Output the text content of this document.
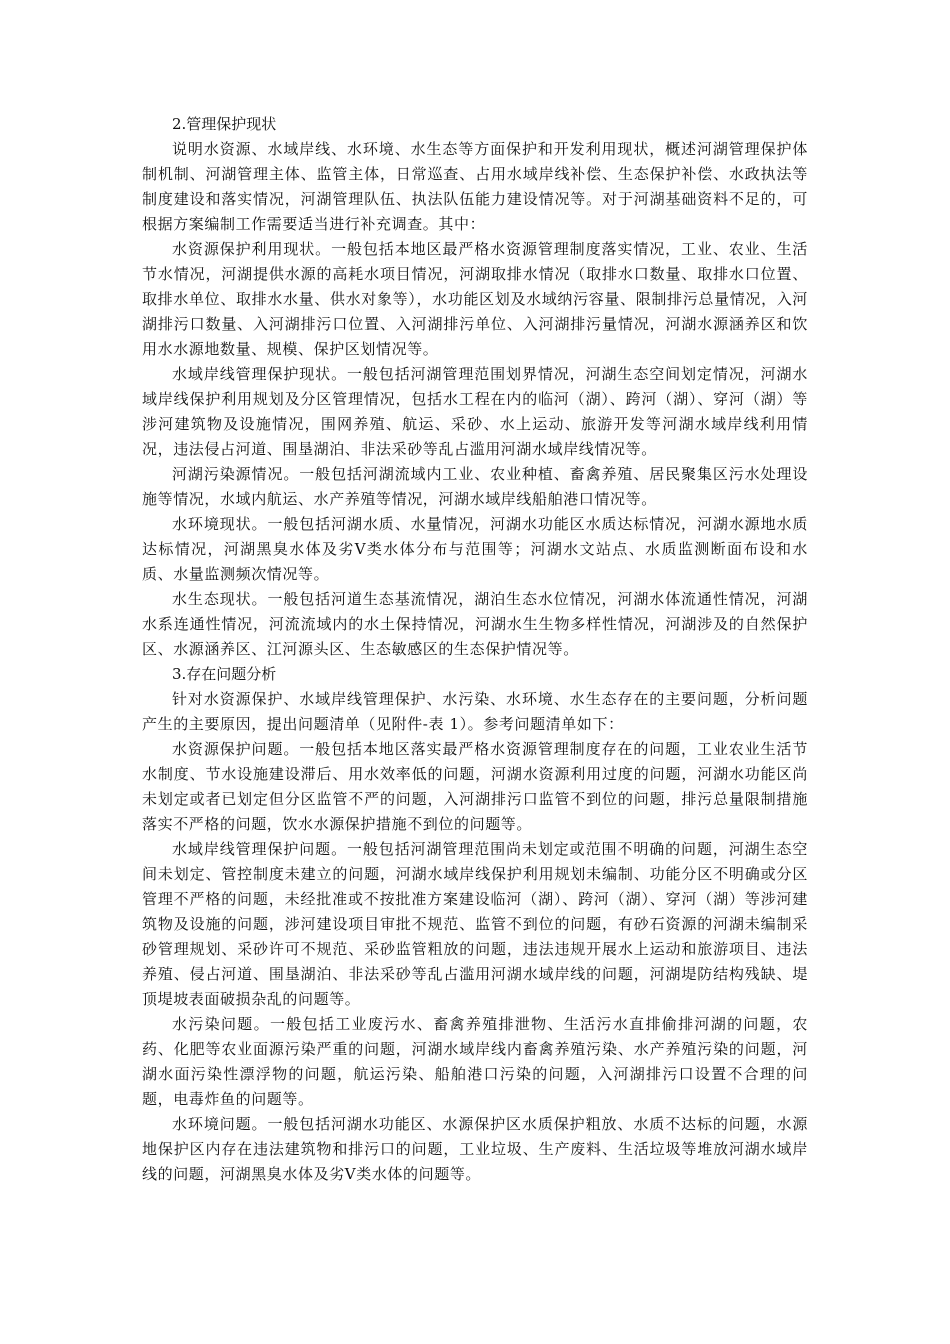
2.管理保护现状

说明水资源、水域岸线、水环境、水生态等方面保护和开发利用现状，概述河湖管理保护体制机制、河湖管理主体、监管主体，日常巡查、占用水域岸线补偿、生态保护补偿、水政执法等制度建设和落实情况，河湖管理队伍、执法队伍能力建设情况等。对于河湖基础资料不足的，可根据方案编制工作需要适当进行补充调查。其中：

水资源保护利用现状。一般包括本地区最严格水资源管理制度落实情况，工业、农业、生活节水情况，河湖提供水源的高耗水项目情况，河湖取排水情况（取排水口数量、取排水口位置、取排水单位、取排水水量、供水对象等），水功能区划及水域纳污容量、限制排污总量情况，入河湖排污口数量、入河湖排污口位置、入河湖排污单位、入河湖排污量情况，河湖水源涵养区和饮用水水源地数量、规模、保护区划情况等。

水域岸线管理保护现状。一般包括河湖管理范围划界情况，河湖生态空间划定情况，河湖水域岸线保护利用规划及分区管理情况，包括水工程在内的临河（湖）、跨河（湖）、穿河（湖）等涉河建筑物及设施情况，围网养殖、航运、采砂、水上运动、旅游开发等河湖水域岸线利用情况，违法侵占河道、围垦湖泊、非法采砂等乱占滥用河湖水域岸线情况等。

河湖污染源情况。一般包括河湖流域内工业、农业种植、畜禽养殖、居民聚集区污水处理设施等情况，水域内航运、水产养殖等情况，河湖水域岸线船舶港口情况等。

水环境现状。一般包括河湖水质、水量情况，河湖水功能区水质达标情况，河湖水源地水质达标情况，河湖黑臭水体及劣Ⅴ类水体分布与范围等；河湖水文站点、水质监测断面布设和水质、水量监测频次情况等。

水生态现状。一般包括河道生态基流情况，湖泊生态水位情况，河湖水体流通性情况，河湖水系连通性情况，河流流域内的水土保持情况，河湖水生生物多样性情况，河湖涉及的自然保护区、水源涵养区、江河源头区、生态敏感区的生态保护情况等。

3.存在问题分析

针对水资源保护、水域岸线管理保护、水污染、水环境、水生态存在的主要问题，分析问题产生的主要原因，提出问题清单（见附件-表 1）。参考问题清单如下：

水资源保护问题。一般包括本地区落实最严格水资源管理制度存在的问题，工业农业生活节水制度、节水设施建设滞后、用水效率低的问题，河湖水资源利用过度的问题，河湖水功能区尚未划定或者已划定但分区监管不严的问题，入河湖排污口监管不到位的问题，排污总量限制措施落实不严格的问题，饮水水源保护措施不到位的问题等。

水域岸线管理保护问题。一般包括河湖管理范围尚未划定或范围不明确的问题，河湖生态空间未划定、管控制度未建立的问题，河湖水域岸线保护利用规划未编制、功能分区不明确或分区管理不严格的问题，未经批准或不按批准方案建设临河（湖）、跨河（湖）、穿河（湖）等涉河建筑物及设施的问题，涉河建设项目审批不规范、监管不到位的问题，有砂石资源的河湖未编制采砂管理规划、采砂许可不规范、采砂监管粗放的问题，违法违规开展水上运动和旅游项目、违法养殖、侵占河道、围垦湖泊、非法采砂等乱占滥用河湖水域岸线的问题，河湖堤防结构残缺、堤顶堤坡表面破损杂乱的问题等。

水污染问题。一般包括工业废污水、畜禽养殖排泄物、生活污水直排偷排河湖的问题，农药、化肥等农业面源污染严重的问题，河湖水域岸线内畜禽养殖污染、水产养殖污染的问题，河湖水面污染性漂浮物的问题，航运污染、船舶港口污染的问题，入河湖排污口设置不合理的问题，电毒炸鱼的问题等。

水环境问题。一般包括河湖水功能区、水源保护区水质保护粗放、水质不达标的问题，水源地保护区内存在违法建筑物和排污口的问题，工业垃圾、生产废料、生活垃圾等堆放河湖水域岸线的问题，河湖黑臭水体及劣Ⅴ类水体的问题等。
